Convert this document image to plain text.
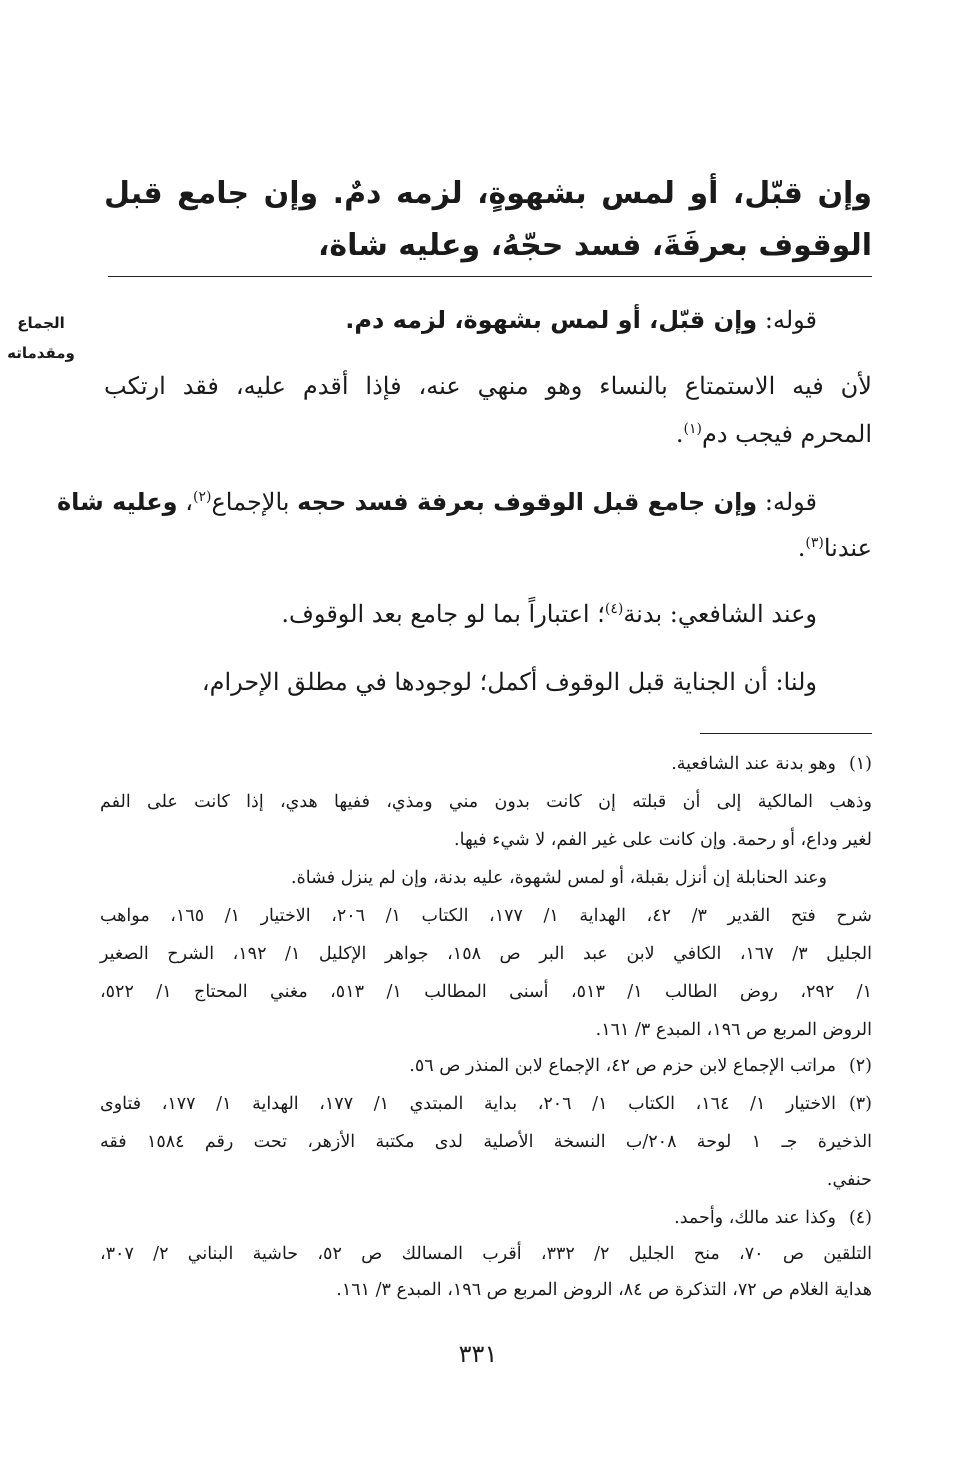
وإن قبّل، أو لمس بشهوةٍ، لزمه دمٌ. وإن جامع قبل الوقوف بعرفَةَ، فسد حجّهُ، وعليه شاة،
الجماع
ومقدماته
قوله: وإن قبّل، أو لمس بشهوة، لزمه دم.
لأن فيه الاستمتاع بالنساء وهو منهي عنه، فإذا أقدم عليه، فقد ارتكب
المحرم فيجب دم$^{(١)}$.
قوله: وإن جامع قبل الوقوف بعرفة فسد حجه بالإجماع$^{(٢)}$، وعليه شاة
عندنا$^{(٣)}$.
وعند الشافعي: بدنة$^{(٤)}$؛ اعتباراً بما لو جامع بعد الوقوف.
ولنا: أن الجناية قبل الوقوف أكمل؛ لوجودها في مطلق الإحرام،
(١)وهو بدنة عند الشافعية.
وذهب المالكية إلى أن قبلته إن كانت بدون مني ومذي، ففيها هدي، إذا كانت على الفم
لغير وداع، أو رحمة. وإن كانت على غير الفم، لا شيء فيها.
وعند الحنابلة إن أنزل بقبلة، أو لمس لشهوة، عليه بدنة، وإن لم ينزل فشاة.
شرح فتح القدير ٣/ ٤٢، الهداية ١/ ١٧٧، الكتاب ١/ ٢٠٦، الاختيار ١/ ١٦٥، مواهب
الجليل ٣/ ١٦٧، الكافي لابن عبد البر ص ١٥٨، جواهر الإكليل ١/ ١٩٢، الشرح الصغير
١/ ٢٩٢، روض الطالب ١/ ٥١٣، أسنى المطالب ١/ ٥١٣، مغني المحتاج ١/ ٥٢٢،
الروض المربع ص ١٩٦، المبدع ٣/ ١٦١.
(٢)مراتب الإجماع لابن حزم ص ٤٢، الإجماع لابن المنذر ص ٥٦.
(٣)الاختيار ١/ ١٦٤، الكتاب ١/ ٢٠٦، بداية المبتدي ١/ ١٧٧، الهداية ١/ ١٧٧، فتاوى
الذخيرة جـ ١ لوحة ٢٠٨/ب النسخة الأصلية لدى مكتبة الأزهر، تحت رقم ١٥٨٤ فقه
حنفي.
(٤)وكذا عند مالك، وأحمد.
التلقين ص ٧٠، منح الجليل ٢/ ٣٣٢، أقرب المسالك ص ٥٢، حاشية البناني ٢/ ٣٠٧،
هداية الغلام ص ٧٢، التذكرة ص ٨٤، الروض المربع ص ١٩٦، المبدع ٣/ ١٦١.
٣٣١
